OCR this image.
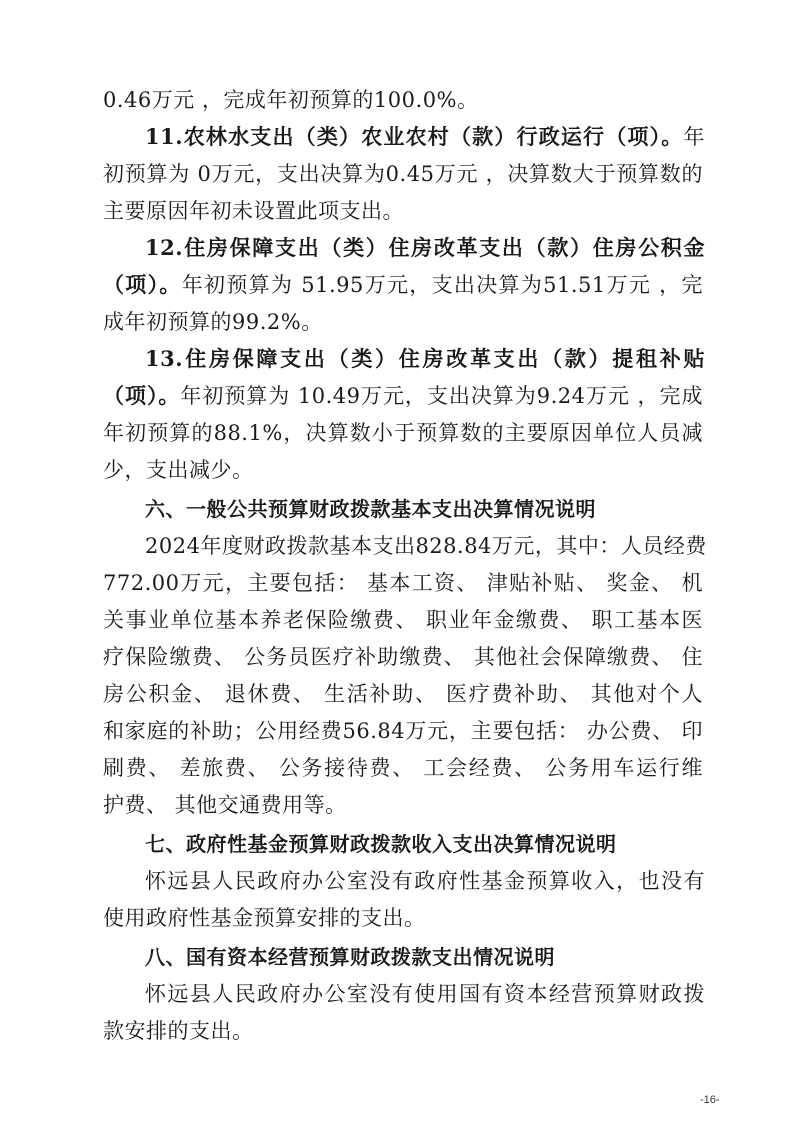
0.46万元 ，完成年初预算的100.0%。
11.农林水支出（类）农业农村（款）行政运行（项）。年
初预算为 0万元，支出决算为0.45万元 ，决算数大于预算数的
主要原因年初未设置此项支出。
12.住房保障支出（类）住房改革支出（款）住房公积金
（项）。年初预算为 51.95万元，支出决算为51.51万元 ，完
成年初预算的99.2%。
13.住房保障支出（类）住房改革支出（款）提租补贴
（项）。年初预算为 10.49万元，支出决算为9.24万元 ，完成
年初预算的88.1%，决算数小于预算数的主要原因单位人员减
少，支出减少。
六、一般公共预算财政拨款基本支出决算情况说明
2024年度财政拨款基本支出828.84万元，其中：人员经费
772.00万元，主要包括： 基本工资、 津贴补贴、 奖金、 机
关事业单位基本养老保险缴费、 职业年金缴费、 职工基本医
疗保险缴费、 公务员医疗补助缴费、 其他社会保障缴费、 住
房公积金、 退休费、 生活补助、 医疗费补助、 其他对个人
和家庭的补助；公用经费56.84万元，主要包括： 办公费、 印
刷费、 差旅费、 公务接待费、 工会经费、 公务用车运行维
护费、 其他交通费用等。
七、政府性基金预算财政拨款收入支出决算情况说明
怀远县人民政府办公室没有政府性基金预算收入，也没有
使用政府性基金预算安排的支出。
八、国有资本经营预算财政拨款支出情况说明
怀远县人民政府办公室没有使用国有资本经营预算财政拨
款安排的支出。
-16-
